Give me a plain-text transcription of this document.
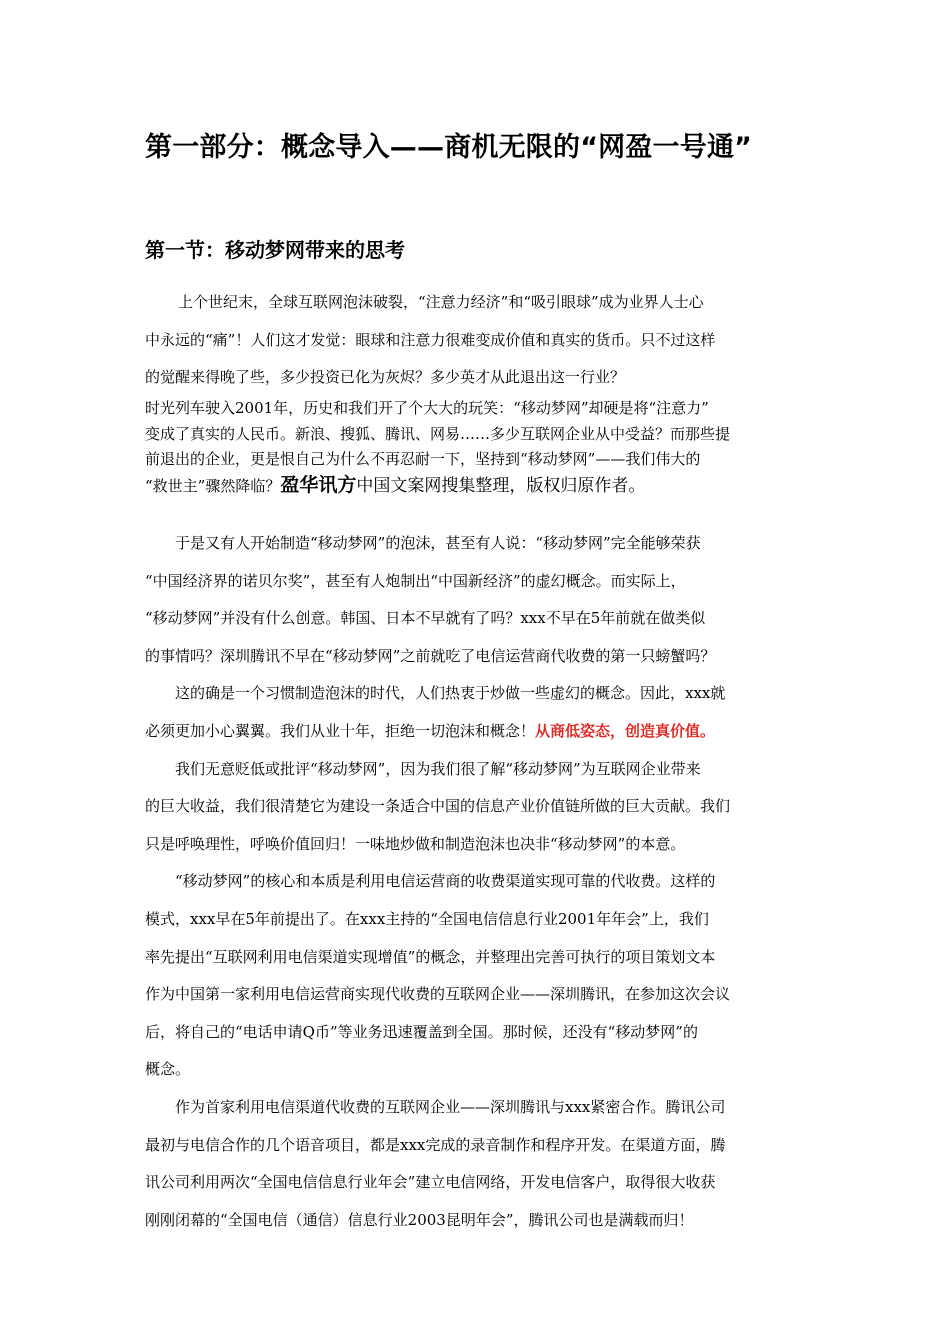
第一部分：概念导入——商机无限的“网盈一号通”
第一节：移动梦网带来的思考
上个世纪末，全球互联网泡沫破裂，“注意力经济”和“吸引眼球”成为业界人士心
中永远的“痛”！人们这才发觉：眼球和注意力很难变成价值和真实的货币。只不过这样
的觉醒来得晚了些，多少投资已化为灰烬？多少英才从此退出这一行业？
时光列车驶入2001年，历史和我们开了个大大的玩笑：“移动梦网”却硬是将“注意力”
变成了真实的人民币。新浪、搜狐、腾讯、网易……多少互联网企业从中受益？而那些提
前退出的企业，更是恨自己为什么不再忍耐一下，坚持到“移动梦网”——我们伟大的
“救世主”骤然降临？盈华讯方中国文案网搜集整理，版权归原作者。
于是又有人开始制造“移动梦网”的泡沫，甚至有人说：“移动梦网”完全能够荣获
“中国经济界的诺贝尔奖”，甚至有人炮制出“中国新经济”的虚幻概念。而实际上，
“移动梦网”并没有什么创意。韩国、日本不早就有了吗？xxx不早在5年前就在做类似
的事情吗？深圳腾讯不早在“移动梦网”之前就吃了电信运营商代收费的第一只螃蟹吗？
这的确是一个习惯制造泡沫的时代，人们热衷于炒做一些虚幻的概念。因此，xxx就
必须更加小心翼翼。我们从业十年，拒绝一切泡沫和概念！从商低姿态，创造真价值。
我们无意贬低或批评“移动梦网”，因为我们很了解“移动梦网”为互联网企业带来
的巨大收益，我们很清楚它为建设一条适合中国的信息产业价值链所做的巨大贡献。我们
只是呼唤理性，呼唤价值回归！一味地炒做和制造泡沫也决非“移动梦网”的本意。
“移动梦网”的核心和本质是利用电信运营商的收费渠道实现可靠的代收费。这样的
模式，xxx早在5年前提出了。在xxx主持的“全国电信信息行业2001年年会”上，我们
率先提出“互联网利用电信渠道实现增值”的概念，并整理出完善可执行的项目策划文本
作为中国第一家利用电信运营商实现代收费的互联网企业——深圳腾讯，在参加这次会议
后，将自己的“电话申请Q币”等业务迅速覆盖到全国。那时候，还没有“移动梦网”的
概念。
作为首家利用电信渠道代收费的互联网企业——深圳腾讯与xxx紧密合作。腾讯公司
最初与电信合作的几个语音项目，都是xxx完成的录音制作和程序开发。在渠道方面，腾
讯公司利用两次“全国电信信息行业年会”建立电信网络，开发电信客户，取得很大收获
刚刚闭幕的“全国电信（通信）信息行业2003昆明年会”，腾讯公司也是满载而归！
